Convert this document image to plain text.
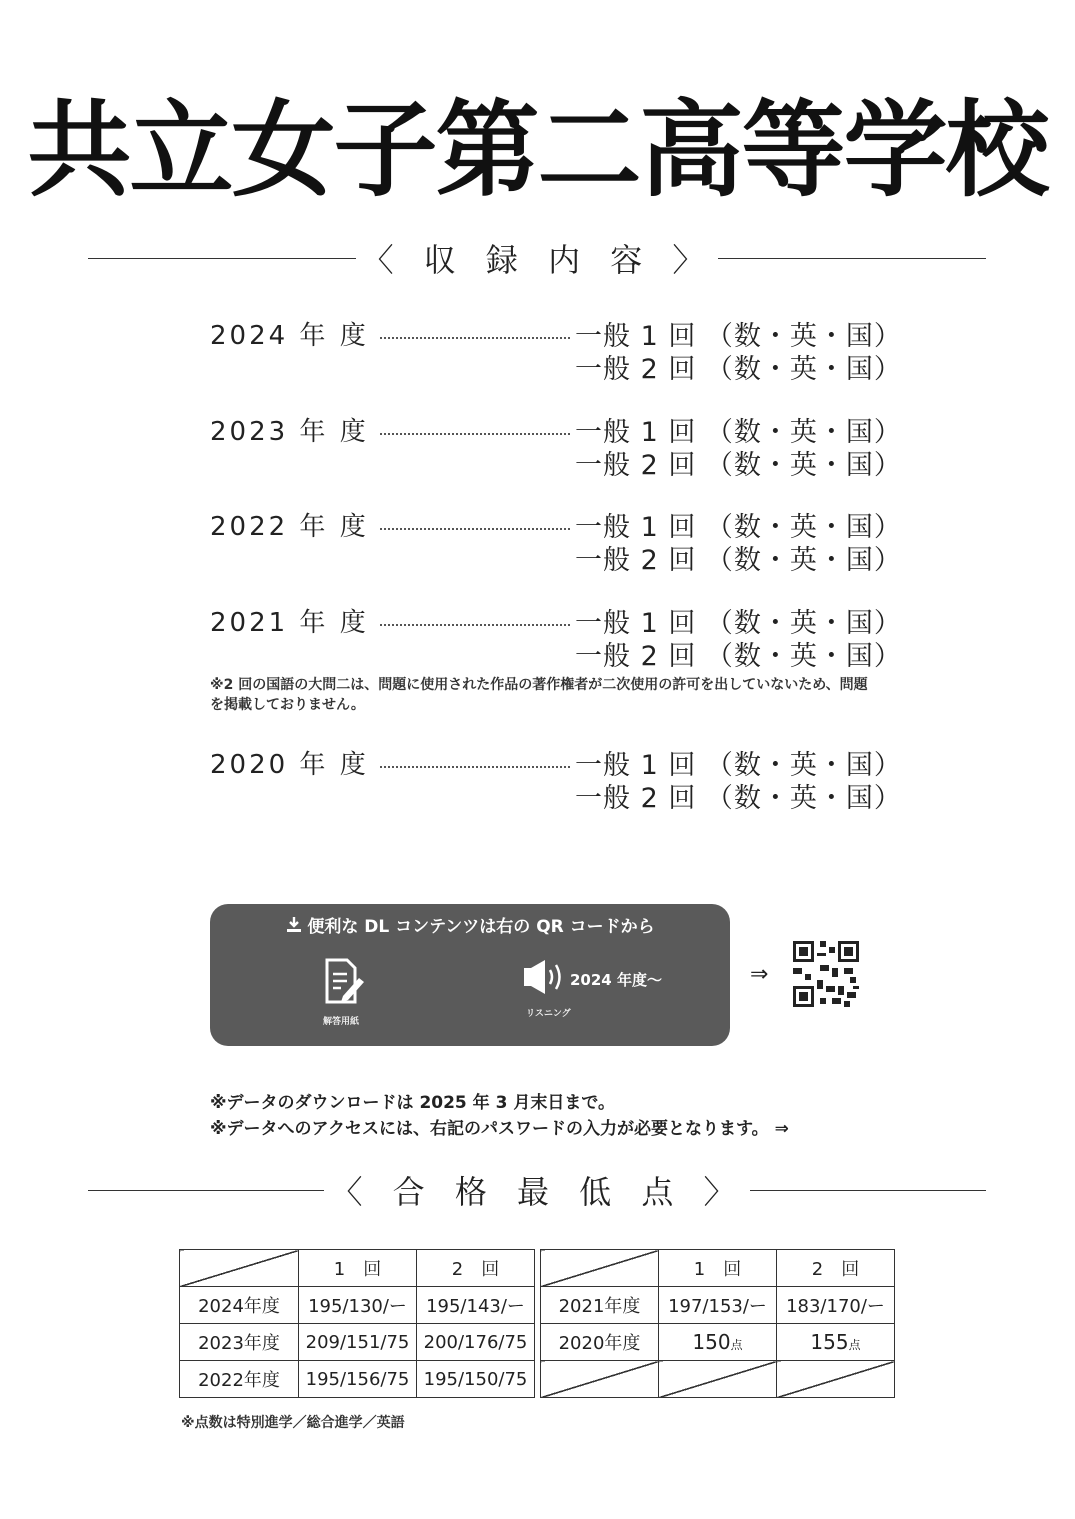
共立女子第二高等学校
〈 収 録 内 容 〉
2024 年 度	一般 1 回 （数・英・国）
一般 2 回 （数・英・国）
2023 年 度	一般 1 回 （数・英・国）
一般 2 回 （数・英・国）
2022 年 度	一般 1 回 （数・英・国）
一般 2 回 （数・英・国）
2021 年 度	一般 1 回 （数・英・国）
一般 2 回 （数・英・国）
※2 回の国語の大問二は、問題に使用された作品の著作権者が二次使用の許可を出していないため、問題を掲載しておりません。
2020 年 度	一般 1 回 （数・英・国）
一般 2 回 （数・英・国）
便利な DL コンテンツは右の QR コードから
解答用紙
2024 年度〜
リスニング
⇒
※データのダウンロードは 2025 年 3 月末日まで。
※データへのアクセスには、右記のパスワードの入力が必要となります。 ⇒
〈 合 格 最 低 点 〉
	1　回	2　回			1　回	2　回
2024年度	195/130/ー	195/143/ー		2021年度	197/153/ー	183/170/ー
2023年度	209/151/75	200/176/75		2020年度	150点	155点
2022年度	195/156/75	195/150/75				
※点数は特別進学／総合進学／英語
